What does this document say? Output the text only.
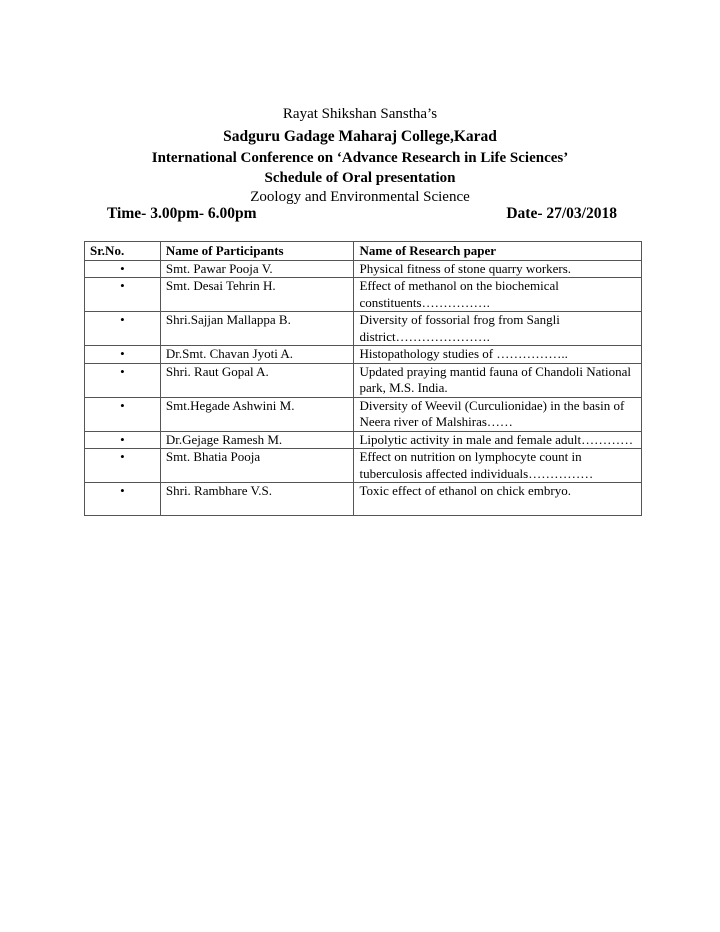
Rayat Shikshan Sanstha’s
Sadguru Gadage Maharaj College,Karad
International Conference on ‘Advance Research in Life Sciences’
Schedule of Oral presentation
Zoology and Environmental Science
Time- 3.00pm- 6.00pm	Date- 27/03/2018
Sr.No.	Name of Participants	Name of Research paper
•	Smt. Pawar Pooja V.	Physical fitness of stone quarry workers.
•	Smt. Desai Tehrin H.	Effect of methanol on the biochemical constituents…………….
•	Shri.Sajjan Mallappa B.	Diversity of fossorial frog from Sangli district………………….
•	Dr.Smt. Chavan Jyoti A.	Histopathology studies of ……………..
•	Shri. Raut Gopal A.	Updated praying mantid fauna of Chandoli National park, M.S. India.
•	Smt.Hegade Ashwini M.	Diversity of Weevil (Curculionidae) in the basin of Neera river of Malshiras……
•	Dr.Gejage Ramesh M.	Lipolytic activity in male and female adult…………
•	Smt. Bhatia Pooja	Effect on nutrition on lymphocyte count in tuberculosis affected individuals……………
•	Shri. Rambhare V.S.	Toxic effect of ethanol on chick embryo.
